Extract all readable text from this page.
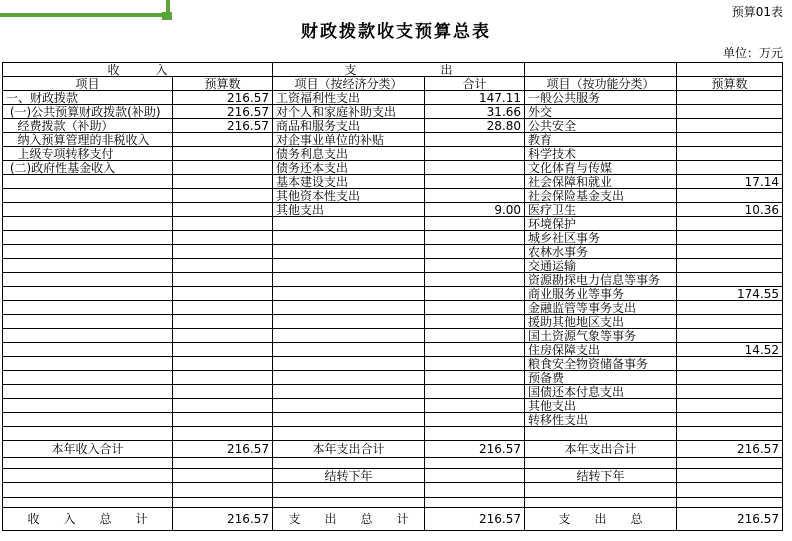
预算01表
财政拨款收支预算总表
单位：万元
收　　　入		支　　　　　　　出			
项目	预算数	项目（按经济分类）	合计	项目（按功能分类）	预算数
一、财政拨款	216.57	工资福利性支出	147.11	一般公共服务	
(一)公共预算财政拨款(补助)	216.57	对个人和家庭补助支出	31.66	外交	
经费拨款（补助）	216.57	商品和服务支出	28.80	公共安全	
纳入预算管理的非税收入		对企事业单位的补贴		教育	
上级专项转移支付		债务利息支出		科学技术	
(二)政府性基金收入		债务还本支出		文化体育与传媒	
		基本建设支出		社会保障和就业	17.14
		其他资本性支出		社会保险基金支出	
		其他支出	9.00	医疗卫生	10.36
				环境保护	
				城乡社区事务	
				农林水事务	
				交通运输	
				资源勘探电力信息等事务	
				商业服务业等事务	174.55
				金融监管等事务支出	
				援助其他地区支出	
				国土资源气象等事务	
				住房保障支出	14.52
				粮食安全物资储备事务	
				预备费	
				国债还本付息支出	
				其他支出	
				转移性支出	

本年收入合计	216.57	本年支出合计	216.57	本年支出合计	216.57

		结转下年		结转下年	

收　　入　　总　　计	216.57	支　　出　　总　　计	216.57	支　　出　　总	216.57
